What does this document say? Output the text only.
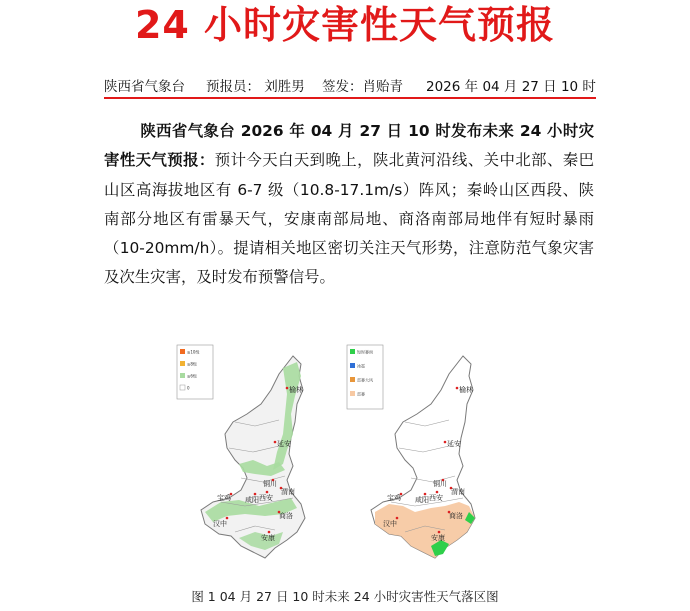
24 小时灾害性天气预报
陕西省气象台 预报员： 刘胜男 签发：肖贻青 2026 年 04 月 27 日 10 时
陕西省气象台 2026 年 04 月 27 日 10 时发布未来 24 小时灾害性天气预报：预计今天白天到晚上，陕北黄河沿线、关中北部、秦巴山区高海拔地区有 6-7 级（10.8-17.1m/s）阵风；秦岭山区西段、陕南部分地区有雷暴天气，安康南部局地、商洛南部局地伴有短时暴雨（10-20mm/h）。提请相关地区密切关注天气形势，注意防范气象灾害及次生灾害，及时发布预警信号。
≥10级
≥8级
≥6级
0	榆林
延安
铜川
宝鸡 咸阳 西安
渭南
汉中
商洛
安康
短时暴雨
冰雹
雷暴大风
雷暴	榆林
延安
铜川
宝鸡 咸阳 西安
渭南
汉中
商洛
安康
图 1 04 月 27 日 10 时未来 24 小时灾害性天气落区图
